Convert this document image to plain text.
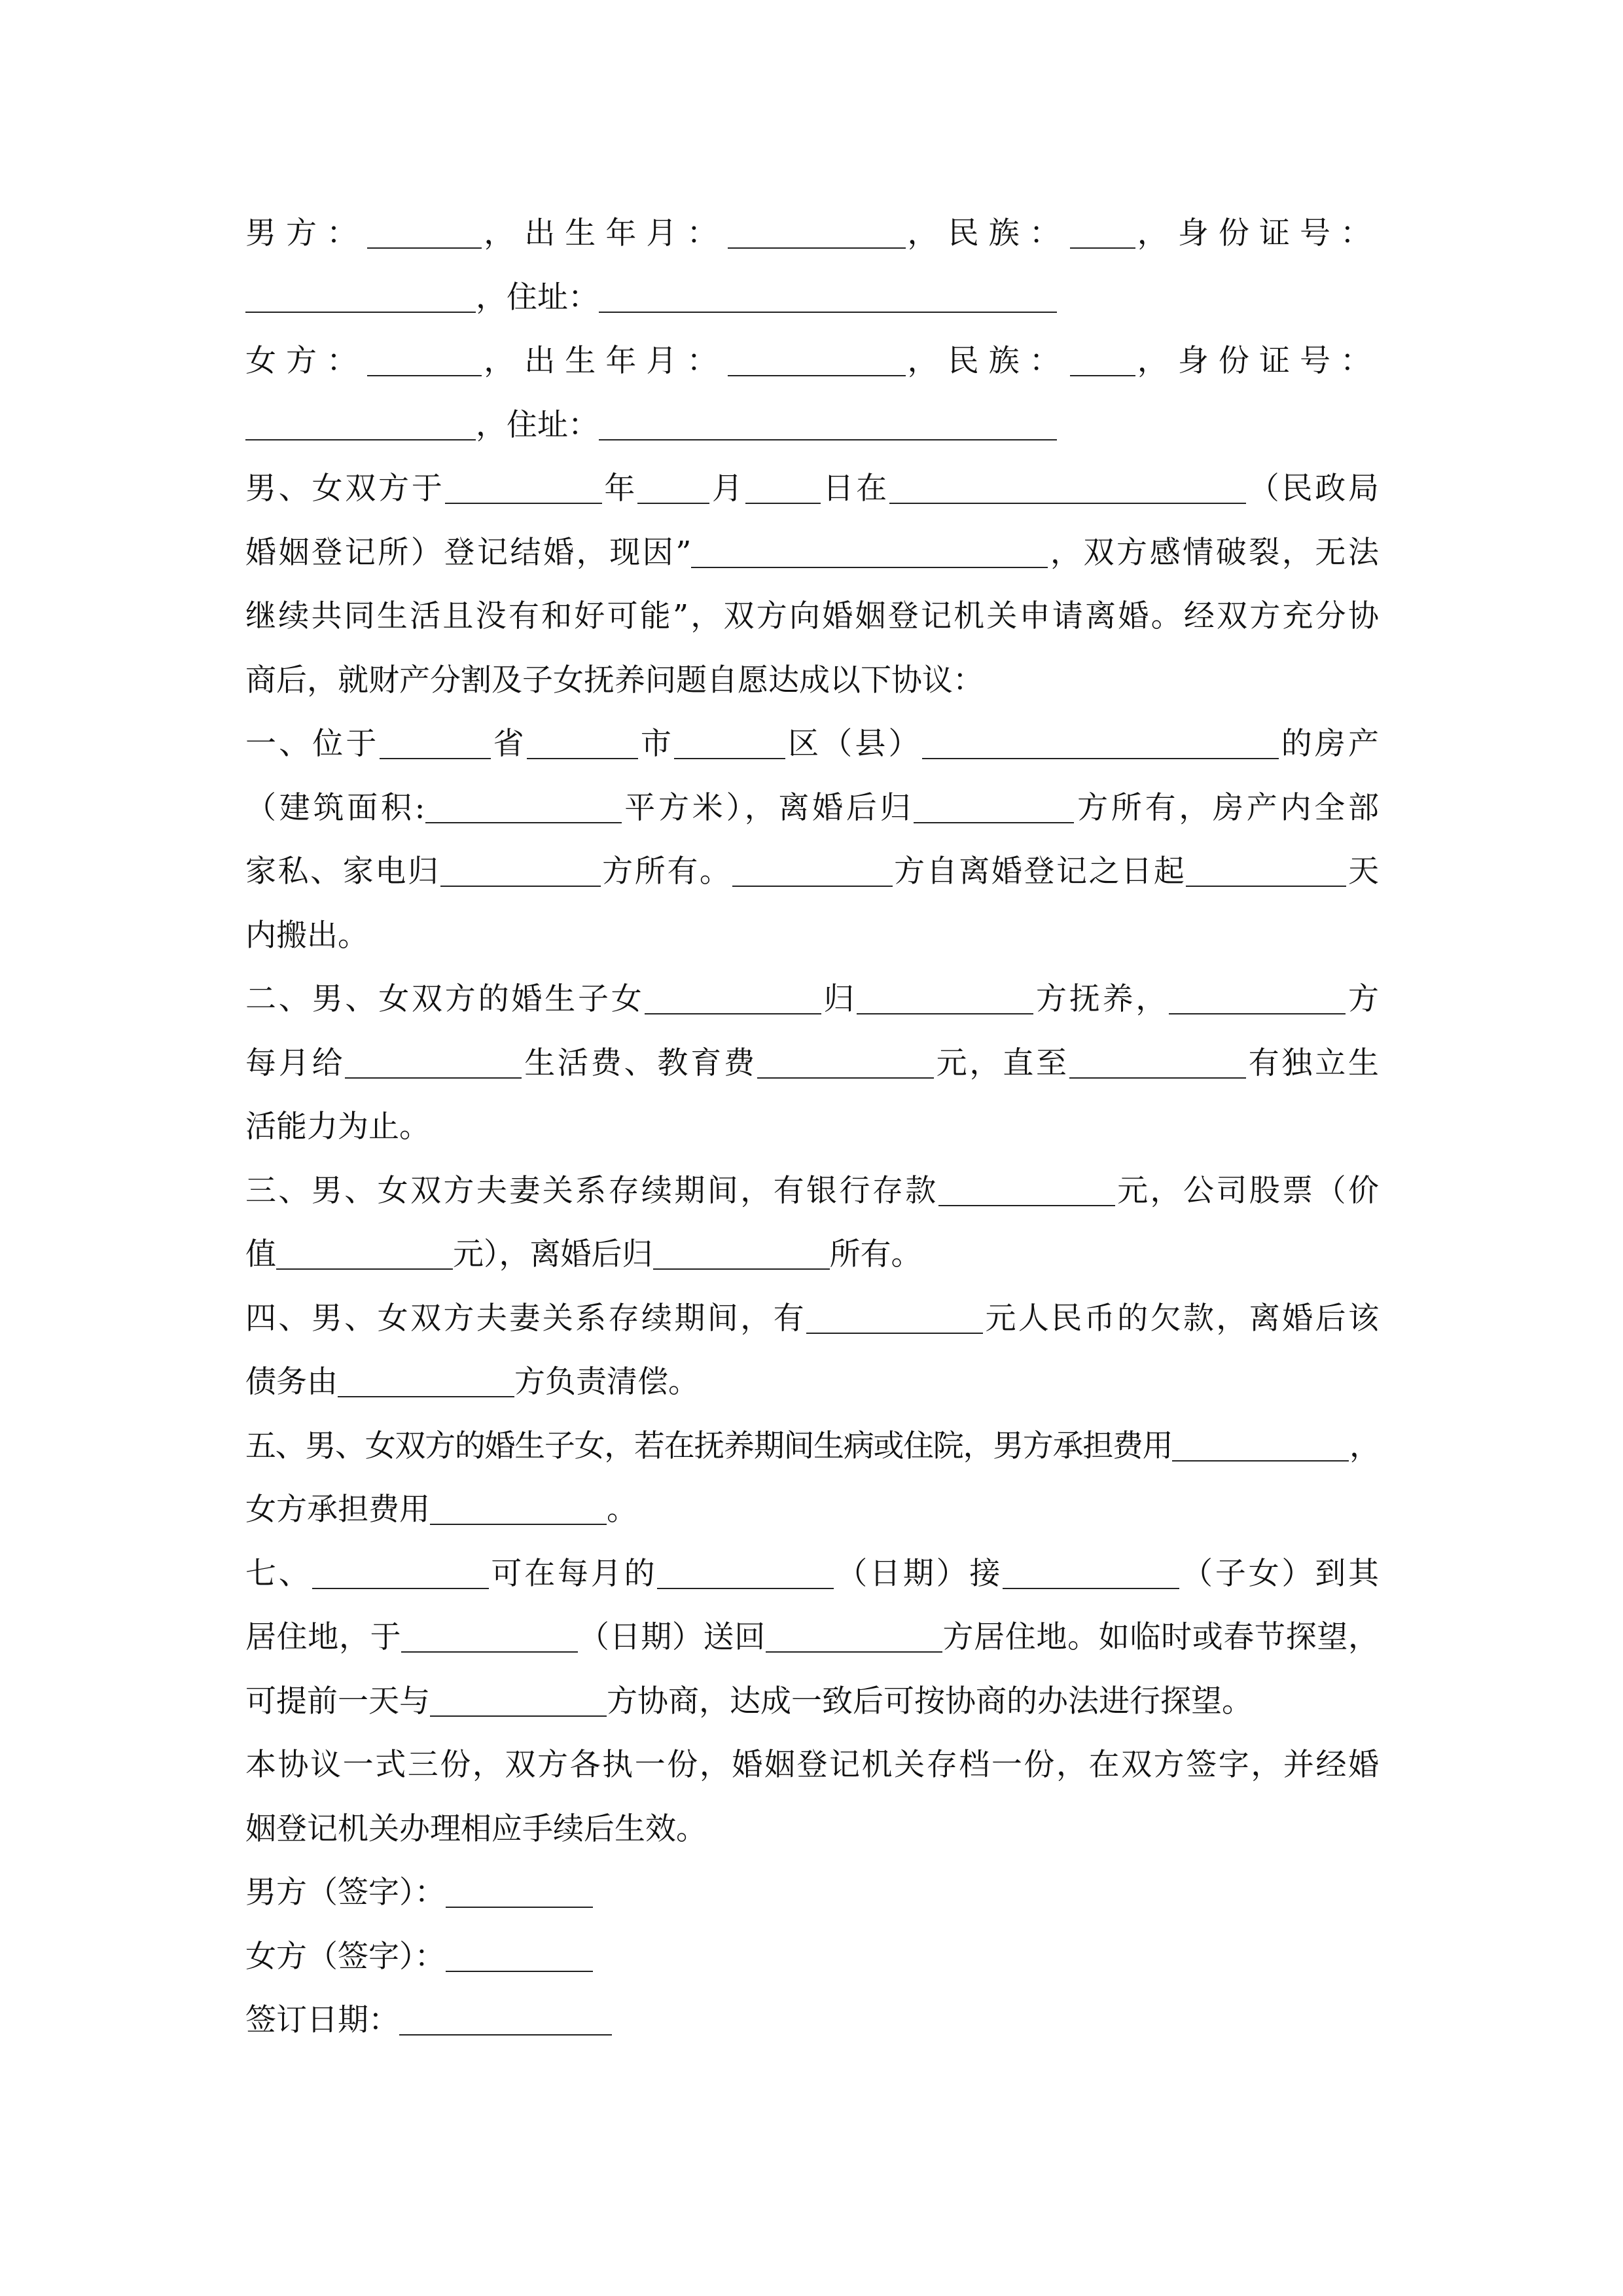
男方：	，出生年月：	，民族： ，身份证号：
，住址：
女方：	，出生年月：	，民族： ，身份证号：
，住址：
男、女双方于	年 月 日在	（民政局
婚姻登记所）登记结婚，现因”	，双方感情破裂，无法
继续共同生活且没有和好可能”，双方向婚姻登记机关申请离婚。经双方充分协
商后，就财产分割及子女抚养问题自愿达成以下协议：
一、位于	省	市	区（县）	的房产
（建筑面积:	平方米），离婚后归	方所有，房产内全部
家私、家电归	方所有。	方自离婚登记之日起	天
内搬出。
二、男、女双方的婚生子女	归	方抚养，	方
每月给	生活费、教育费	元，直至	有独立生
活能力为止。
三、男、女双方夫妻关系存续期间，有银行存款	元，公司股票（价
值	元），离婚后归	所有。
四、男、女双方夫妻关系存续期间，有	元人民币的欠款，离婚后该
债务由	方负责清偿。
五、男、女双方的婚生子女，若在抚养期间生病或住院，男方承担费用	，
女方承担费用	。
七、	可在每月的	（日期）接	（子女）到其
居住地，于	（日期）送回	方居住地。如临时或春节探望，
可提前一天与	方协商，达成一致后可按协商的办法进行探望。
本协议一式三份，双方各执一份，婚姻登记机关存档一份，在双方签字，并经婚
姻登记机关办理相应手续后生效。
男方（签字）：
女方（签字）：
签订日期：
